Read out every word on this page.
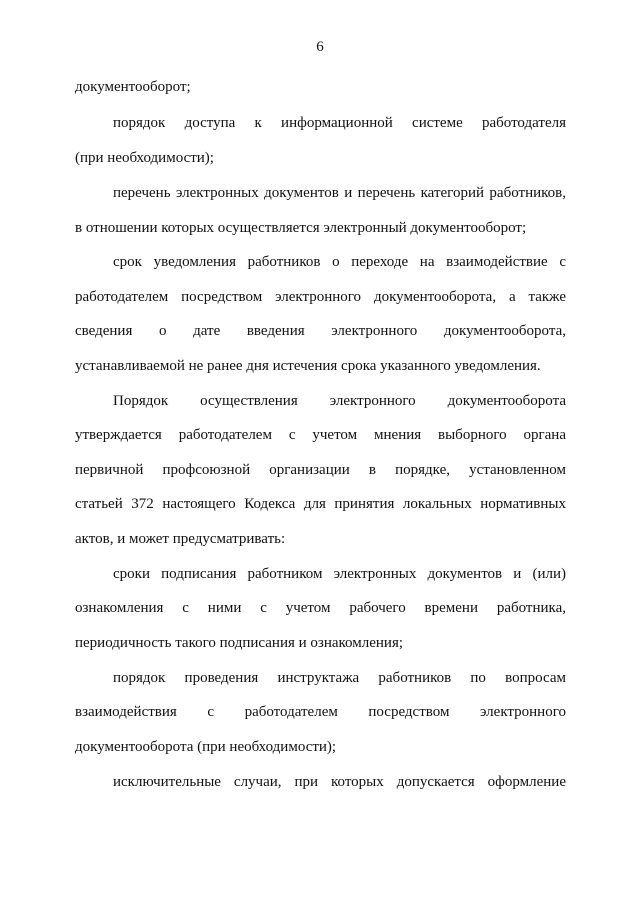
6
документооборот;
порядок доступа к информационной системе работодателя
(при необходимости);
перечень электронных документов и перечень категорий работников,
в отношении которых осуществляется электронный документооборот;
срок уведомления работников о переходе на взаимодействие с
работодателем посредством электронного документооборота, а также
сведения о дате введения электронного документооборота,
устанавливаемой не ранее дня истечения срока указанного уведомления.
Порядок осуществления электронного документооборота
утверждается работодателем с учетом мнения выборного органа
первичной профсоюзной организации в порядке, установленном
статьей 372 настоящего Кодекса для принятия локальных нормативных
актов, и может предусматривать:
сроки подписания работником электронных документов и (или)
ознакомления с ними с учетом рабочего времени работника,
периодичность такого подписания и ознакомления;
порядок проведения инструктажа работников по вопросам
взаимодействия с работодателем посредством электронного
документооборота (при необходимости);
исключительные случаи, при которых допускается оформление
